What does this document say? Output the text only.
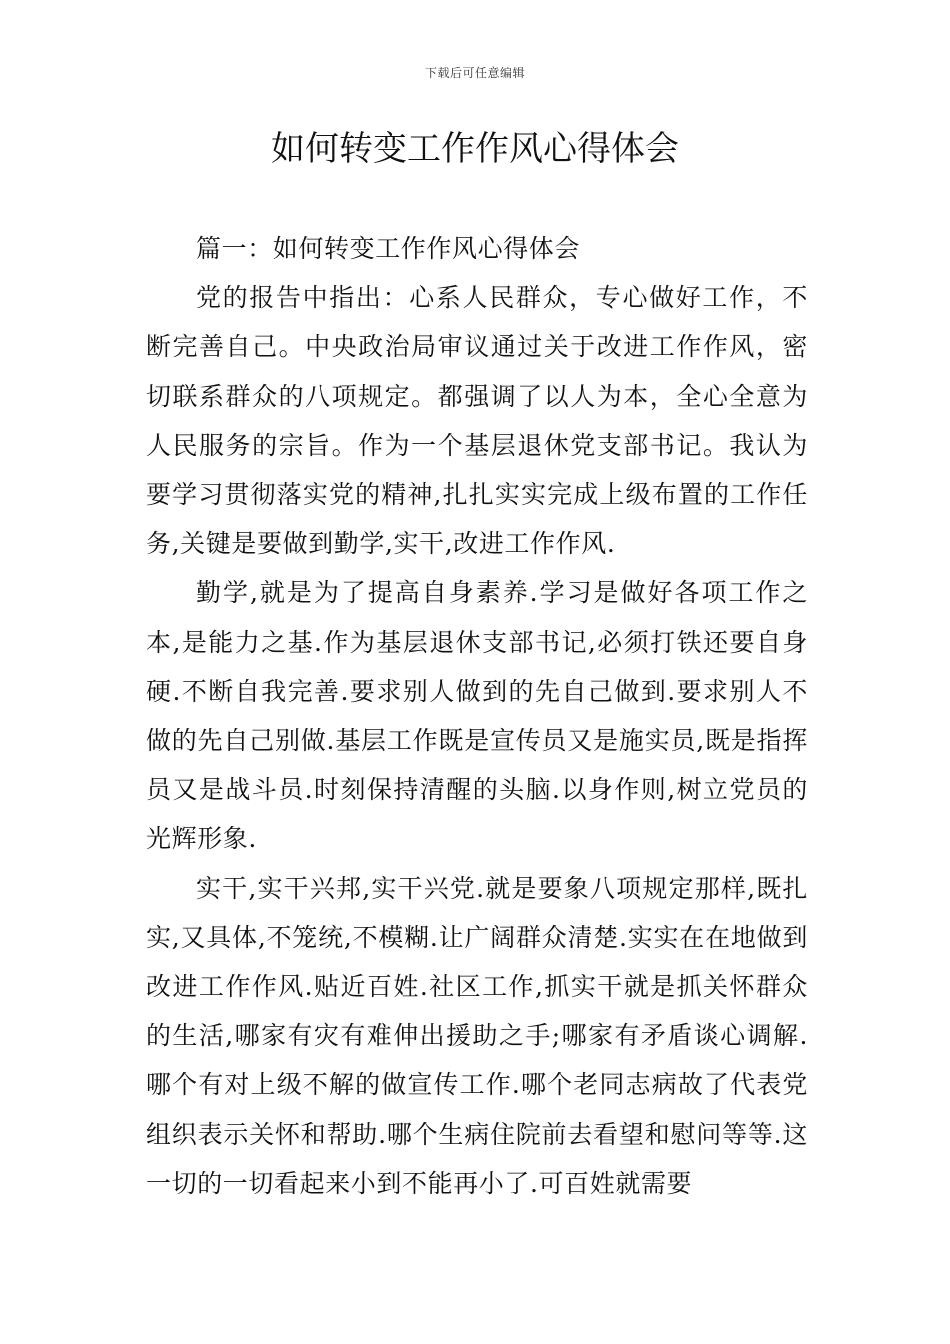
下载后可任意编辑
如何转变工作作风心得体会

篇一：如何转变工作作风心得体会

党的报告中指出：心系人民群众，专心做好工作，不断完善自己。中央政治局审议通过关于改进工作作风，密切联系群众的八项规定。都强调了以人为本，全心全意为人民服务的宗旨。作为一个基层退休党支部书记。我认为要学习贯彻落实党的精神,扎扎实实完成上级布置的工作任务,关键是要做到勤学,实干,改进工作作风.

勤学,就是为了提高自身素养.学习是做好各项工作之本,是能力之基.作为基层退休支部书记,必须打铁还要自身硬.不断自我完善.要求别人做到的先自己做到.要求别人不做的先自己别做.基层工作既是宣传员又是施实员,既是指挥员又是战斗员.时刻保持清醒的头脑.以身作则,树立党员的光辉形象.

实干,实干兴邦,实干兴党.就是要象八项规定那样,既扎实,又具体,不笼统,不模糊.让广阔群众清楚.实实在在地做到改进工作作风.贴近百姓.社区工作,抓实干就是抓关怀群众的生活,哪家有灾有难伸出援助之手;哪家有矛盾谈心调解.哪个有对上级不解的做宣传工作.哪个老同志病故了代表党组织表示关怀和帮助.哪个生病住院前去看望和慰问等等.这一切的一切看起来小到不能再小了.可百姓就需要
